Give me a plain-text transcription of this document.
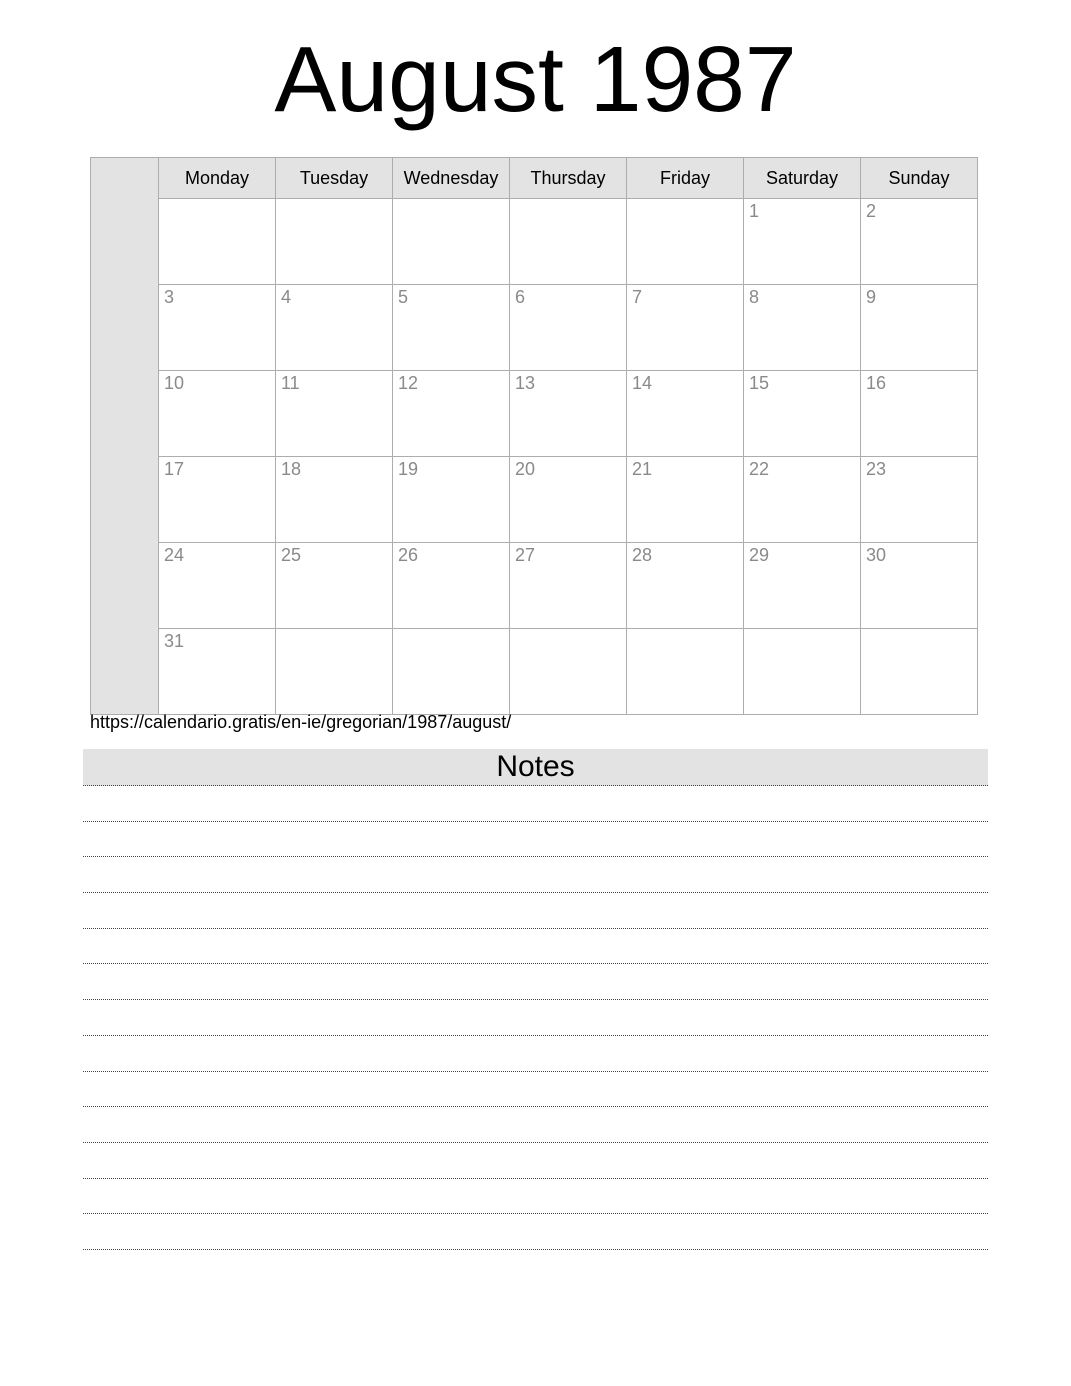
August 1987
	Monday	Tuesday	Wednesday	Thursday	Friday	Saturday	Sunday
						1	2
	3	4	5	6	7	8	9
	10	11	12	13	14	15	16
	17	18	19	20	21	22	23
	24	25	26	27	28	29	30
	31						
https://calendario.gratis/en-ie/gregorian/1987/august/
Notes
